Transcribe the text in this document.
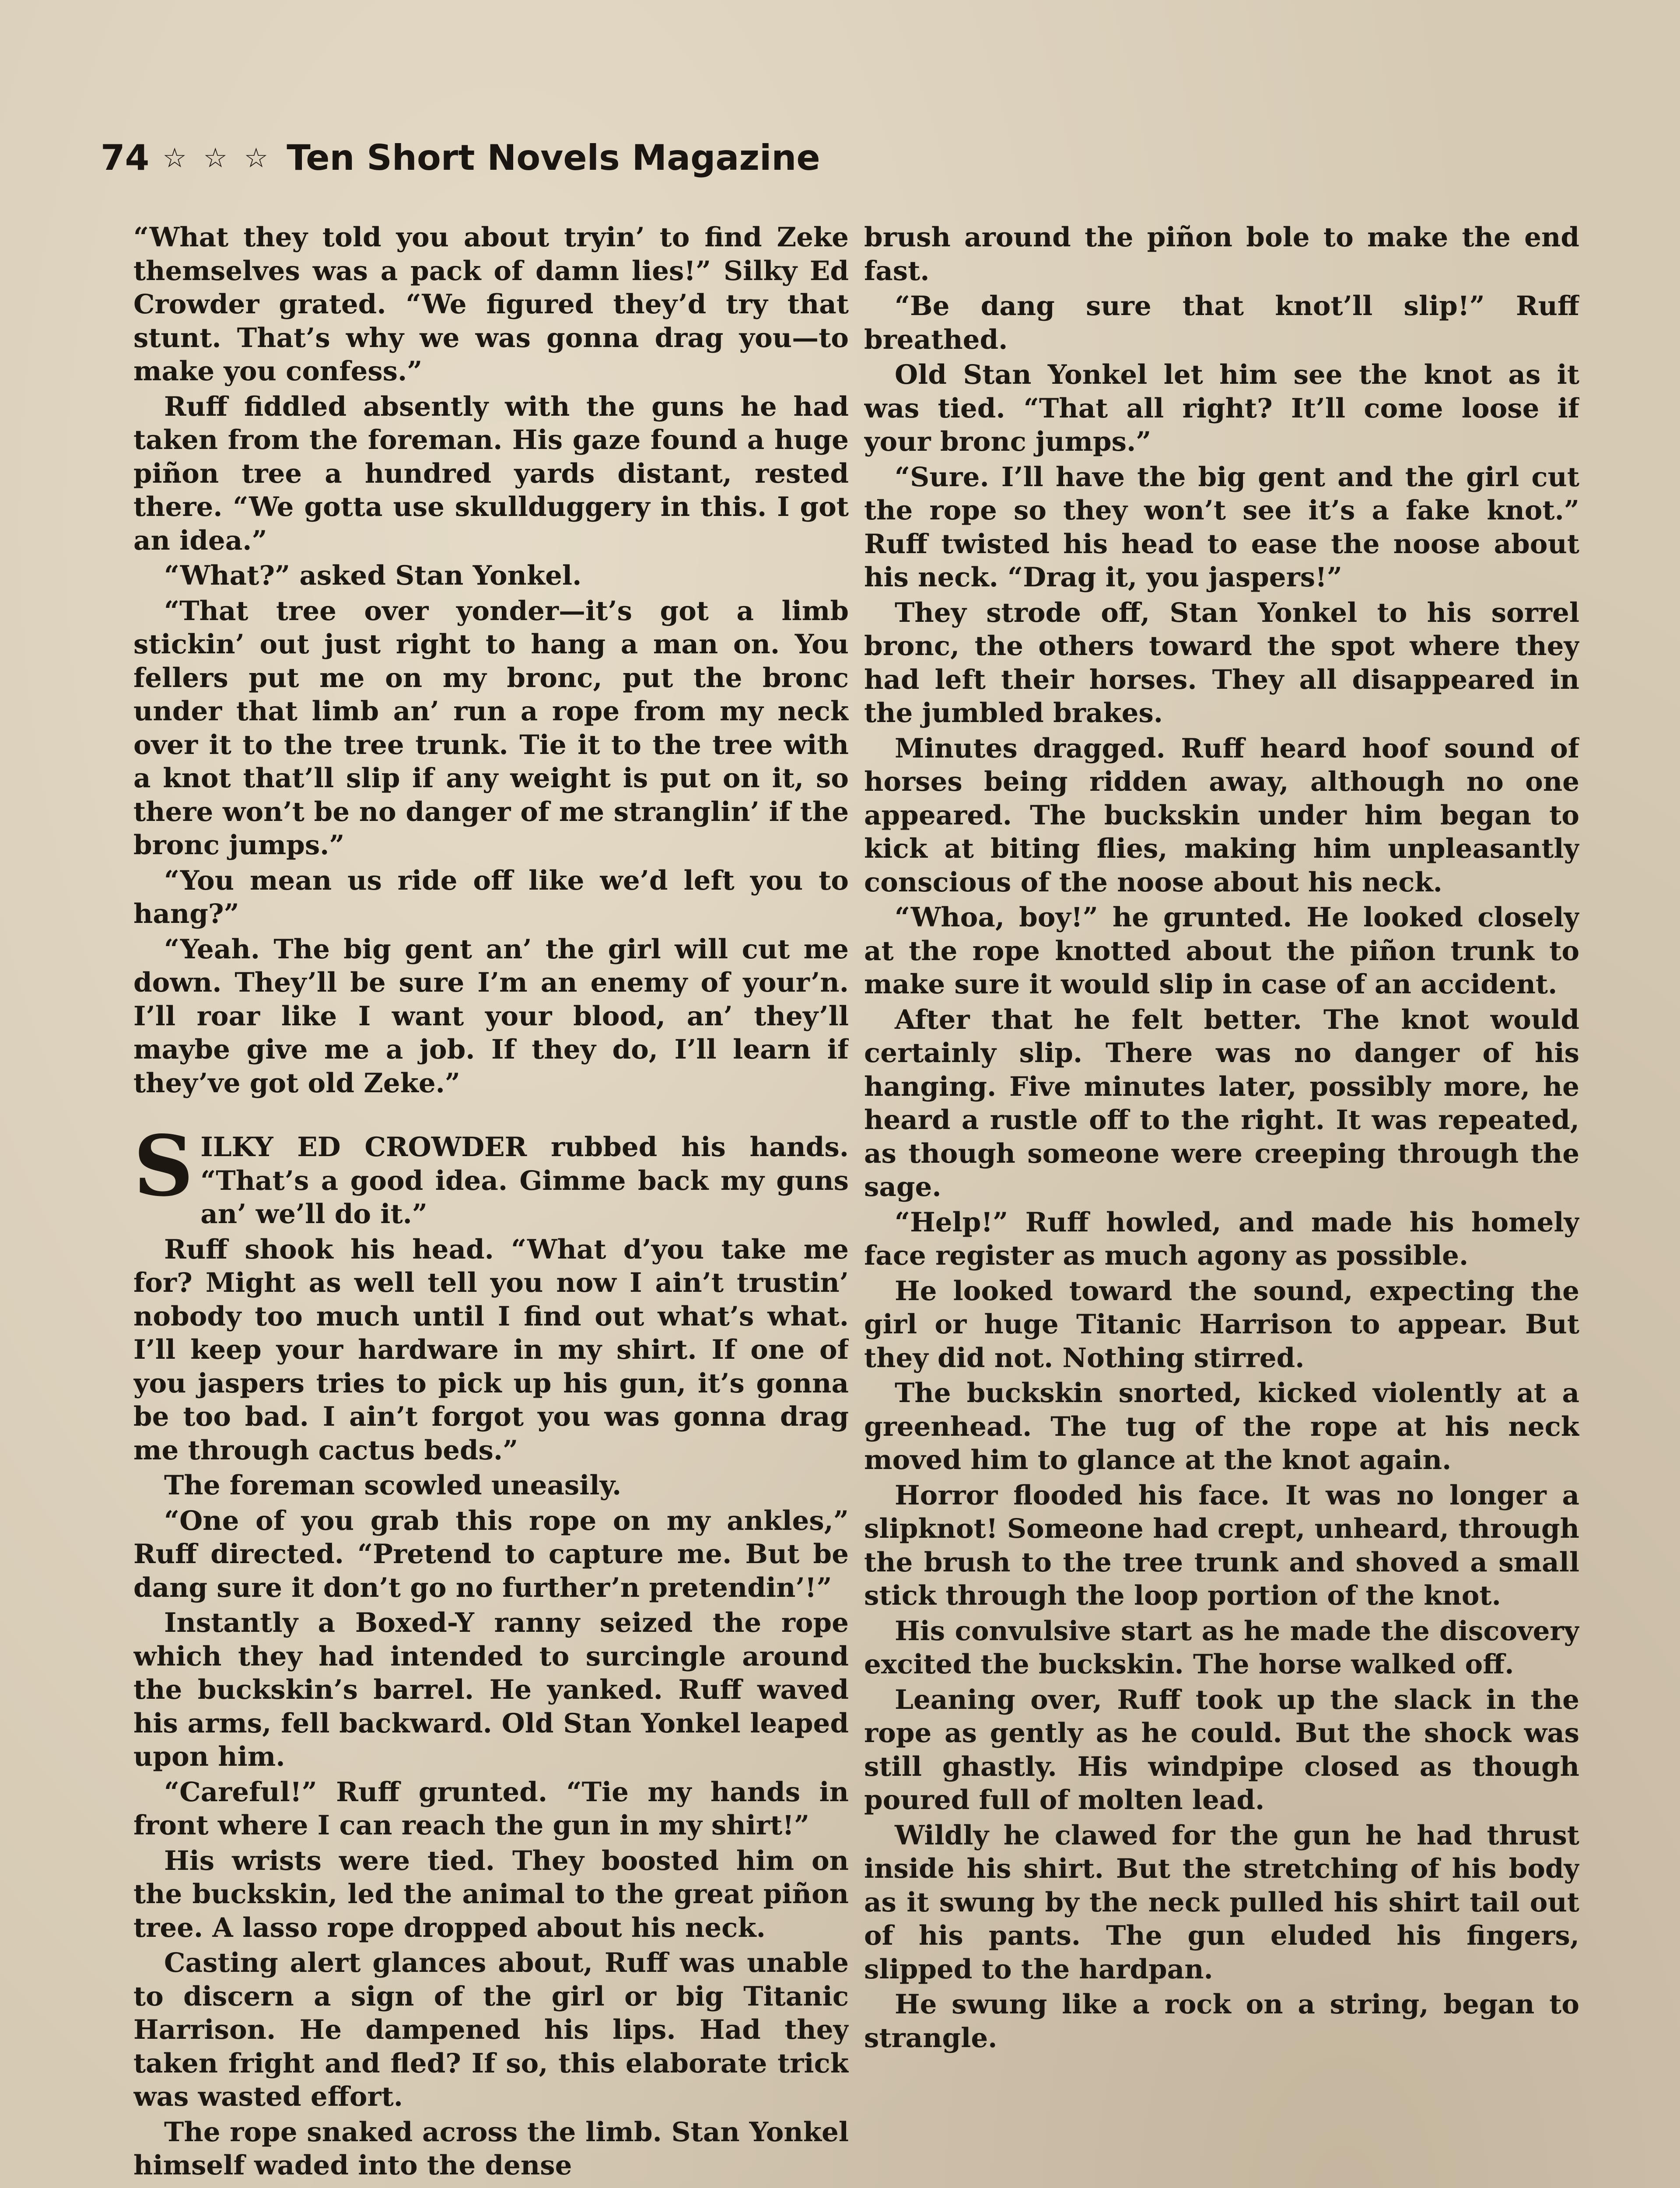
74 ☆ ☆ ☆ Ten Short Novels Magazine

“What they told you about tryin’ to find Zeke themselves was a pack of damn lies!” Silky Ed Crowder grated. “We figured they’d try that stunt. That’s why we was gonna drag you—to make you confess.”

Ruff fiddled absently with the guns he had taken from the foreman. His gaze found a huge piñon tree a hundred yards distant, rested there. “We gotta use skullduggery in this. I got an idea.”

“What?” asked Stan Yonkel.

“That tree over yonder—it’s got a limb stickin’ out just right to hang a man on. You fellers put me on my bronc, put the bronc under that limb an’ run a rope from my neck over it to the tree trunk. Tie it to the tree with a knot that’ll slip if any weight is put on it, so there won’t be no danger of me stranglin’ if the bronc jumps.”

“You mean us ride off like we’d left you to hang?”

“Yeah. The big gent an’ the girl will cut me down. They’ll be sure I’m an enemy of your’n. I’ll roar like I want your blood, an’ they’ll maybe give me a job. If they do, I’ll learn if they’ve got old Zeke.”

SILKY ED CROWDER rubbed his hands. “That’s a good idea. Gimme back my guns an’ we’ll do it.”

Ruff shook his head. “What d’you take me for? Might as well tell you now I ain’t trustin’ nobody too much until I find out what’s what. I’ll keep your hardware in my shirt. If one of you jaspers tries to pick up his gun, it’s gonna be too bad. I ain’t forgot you was gonna drag me through cactus beds.”

The foreman scowled uneasily.

“One of you grab this rope on my ankles,” Ruff directed. “Pretend to capture me. But be dang sure it don’t go no further’n pretendin’!”

Instantly a Boxed-Y ranny seized the rope which they had intended to surcingle around the buckskin’s barrel. He yanked. Ruff waved his arms, fell backward. Old Stan Yonkel leaped upon him.

“Careful!” Ruff grunted. “Tie my hands in front where I can reach the gun in my shirt!”

His wrists were tied. They boosted him on the buckskin, led the animal to the great piñon tree. A lasso rope dropped about his neck.

Casting alert glances about, Ruff was unable to discern a sign of the girl or big Titanic Harrison. He dampened his lips. Had they taken fright and fled? If so, this elaborate trick was wasted effort.

The rope snaked across the limb. Stan Yonkel himself waded into the dense

brush around the piñon bole to make the end fast.

“Be dang sure that knot’ll slip!” Ruff breathed.

Old Stan Yonkel let him see the knot as it was tied. “That all right? It’ll come loose if your bronc jumps.”

“Sure. I’ll have the big gent and the girl cut the rope so they won’t see it’s a fake knot.” Ruff twisted his head to ease the noose about his neck. “Drag it, you jaspers!”

They strode off, Stan Yonkel to his sorrel bronc, the others toward the spot where they had left their horses. They all disappeared in the jumbled brakes.

Minutes dragged. Ruff heard hoof sound of horses being ridden away, although no one appeared. The buckskin under him began to kick at biting flies, making him unpleasantly conscious of the noose about his neck.

“Whoa, boy!” he grunted. He looked closely at the rope knotted about the piñon trunk to make sure it would slip in case of an accident.

After that he felt better. The knot would certainly slip. There was no danger of his hanging. Five minutes later, possibly more, he heard a rustle off to the right. It was repeated, as though someone were creeping through the sage.

“Help!” Ruff howled, and made his homely face register as much agony as possible.

He looked toward the sound, expecting the girl or huge Titanic Harrison to appear. But they did not. Nothing stirred.

The buckskin snorted, kicked violently at a greenhead. The tug of the rope at his neck moved him to glance at the knot again.

Horror flooded his face. It was no longer a slipknot! Someone had crept, unheard, through the brush to the tree trunk and shoved a small stick through the loop portion of the knot.

His convulsive start as he made the discovery excited the buckskin. The horse walked off.

Leaning over, Ruff took up the slack in the rope as gently as he could. But the shock was still ghastly. His windpipe closed as though poured full of molten lead.

Wildly he clawed for the gun he had thrust inside his shirt. But the stretching of his body as it swung by the neck pulled his shirt tail out of his pants. The gun eluded his fingers, slipped to the hardpan.

He swung like a rock on a string, began to strangle.
